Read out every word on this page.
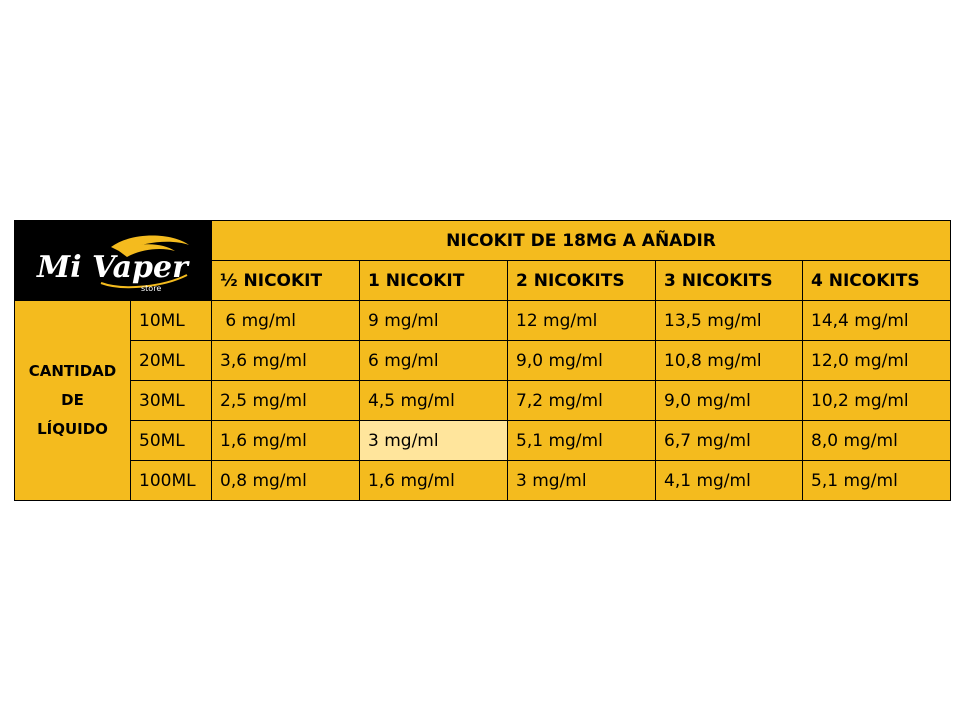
Mi Vaper
store		NICOKIT DE 18MG A AÑADIR				
		½ NICOKIT	1 NICOKIT	2 NICOKITS	3 NICOKITS	4 NICOKITS

CANTIDAD
DE
LÍQUIDO	10ML	6 mg/ml	9 mg/ml	12 mg/ml	13,5 mg/ml	14,4 mg/ml
	20ML	3,6 mg/ml	6 mg/ml	9,0 mg/ml	10,8 mg/ml	12,0 mg/ml
	30ML	2,5 mg/ml	4,5 mg/ml	7,2 mg/ml	9,0 mg/ml	10,2 mg/ml
	50ML	1,6 mg/ml	3 mg/ml	5,1 mg/ml	6,7 mg/ml	8,0 mg/ml
	100ML	0,8 mg/ml	1,6 mg/ml	3 mg/ml	4,1 mg/ml	5,1 mg/ml
